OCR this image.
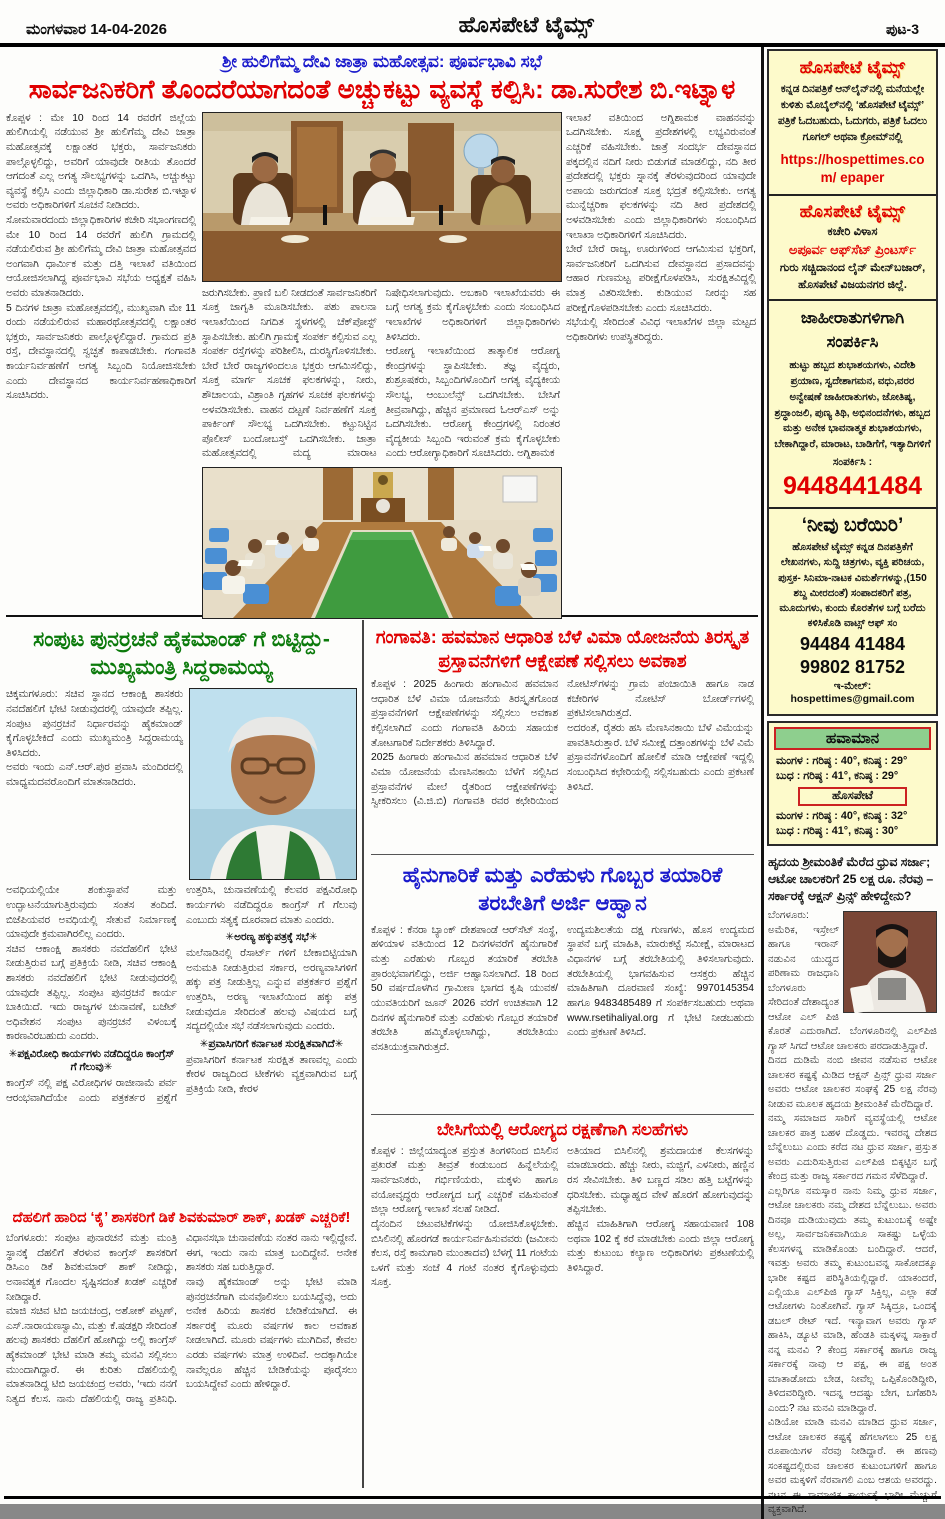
ಮಂಗಳವಾರ 14-04-2026	ಹೊಸಪೇಟೆ ಟೈಮ್ಸ್	ಪುಟ-3
ಶ್ರೀ ಹುಲಿಗೆಮ್ಮ ದೇವಿ ಜಾತ್ರಾ ಮಹೋತ್ಸವ: ಪೂರ್ವಭಾವಿ ಸಭೆ
ಸಾರ್ವಜನಿಕರಿಗೆ ತೊಂದರೆಯಾಗದಂತೆ ಅಚ್ಚುಕಟ್ಟು ವ್ಯವಸ್ಥೆ ಕಲ್ಪಿಸಿ: ಡಾ.ಸುರೇಶ ಬಿ.ಇಟ್ನಾಳ

ಕೊಪ್ಪಳ : ಮೇ 10 ರಿಂದ 14 ರವರೆಗೆ ಜಿಲ್ಲೆಯ ಹುಲಿಗಿಯಲ್ಲಿ ನಡೆಯುವ ಶ್ರೀ ಹುಲಿಗೆಮ್ಮ ದೇವಿ ಜಾತ್ರಾ ಮಹೋತ್ಸವಕ್ಕೆ ಲಕ್ಷಾಂತರ ಭಕ್ತರು, ಸಾರ್ವಜನಿಕರು ಪಾಲ್ಗೊಳ್ಳಲಿದ್ದು, ಅವರಿಗೆ ಯಾವುದೇ ರೀತಿಯ ತೊಂದರೆ ಆಗದಂತೆ ಎಲ್ಲ ಅಗತ್ಯ ಸೌಲಭ್ಯಗಳನ್ನು ಒದಗಿಸಿ, ಅಚ್ಚುಕಟ್ಟು ವ್ಯವಸ್ಥೆ ಕಲ್ಪಿಸಿ ಎಂದು ಜಿಲ್ಲಾಧಿಕಾರಿ ಡಾ.ಸುರೇಶ ಬಿ.ಇಟ್ನಾಳ ಅವರು ಅಧಿಕಾರಿಗಳಿಗೆ ಸೂಚನೆ ನೀಡಿದರು.
ಸೋಮವಾರದಂದು ಜಿಲ್ಲಾಧಿಕಾರಿಗಳ ಕಚೇರಿ ಸಭಾಂಗಣದಲ್ಲಿ ಮೇ 10 ರಿಂದ 14 ರವರೆಗೆ ಹುಲಿಗಿ ಗ್ರಾಮದಲ್ಲಿ ನಡೆಯಲಿರುವ ಶ್ರೀ ಹುಲಿಗೆಮ್ಮ ದೇವಿ ಜಾತ್ರಾ ಮಹೋತ್ಸವದ ಅಂಗವಾಗಿ ಧಾರ್ಮಿಕ ಮತ್ತು ದತ್ತಿ ಇಲಾಖೆ ವತಿಯಿಂದ ಆಯೋಜಿಸಲಾಗಿದ್ದ ಪೂರ್ವಭಾವಿ ಸಭೆಯ ಅಧ್ಯಕ್ಷತೆ ವಹಿಸಿ ಅವರು ಮಾತನಾಡಿದರು.
5 ದಿನಗಳ ಜಾತ್ರಾ ಮಹೋತ್ಸವದಲ್ಲಿ, ಮುಖ್ಯವಾಗಿ ಮೇ 11 ರಂದು ನಡೆಯಲಿರುವ ಮಹಾರಥೋತ್ಸವದಲ್ಲಿ ಲಕ್ಷಾಂತರ ಭಕ್ತರು, ಸಾರ್ವಜನಿಕರು ಪಾಲ್ಗೊಳ್ಳಲಿದ್ದಾರೆ. ಗ್ರಾಮದ ಪ್ರತಿ ರಸ್ತೆ, ದೇವಸ್ಥಾನದಲ್ಲಿ ಸ್ವಚ್ಛತೆ ಕಾಪಾಡಬೇಕು. ಗಂಗಾವತಿ ಕಾರ್ಯನಿರ್ವಹಣೆಗೆ ಅಗತ್ಯ ಸಿಬ್ಬಂದಿ ನಿಯೋಜಿಸಬೇಕು ಎಂದು ದೇವಸ್ಥಾನದ ಕಾರ್ಯನಿರ್ವಹಣಾಧಿಕಾರಿಗೆ ಸೂಚಿಸಿದರು.

ಜರುಗಿಸಬೇಕು. ಪ್ರಾಣಿ ಬಲಿ ನೀಡದಂತೆ ಸಾರ್ವಜನಿಕರಿಗೆ ಸೂಕ್ತ ಜಾಗೃತಿ ಮೂಡಿಸಬೇಕು. ಪಶು ಪಾಲನಾ ಇಲಾಖೆಯಿಂದ ನಿಗದಿತ ಸ್ಥಳಗಳಲ್ಲಿ ಚೆಕ್‌ಪೋಸ್ಟ್ ಸ್ಥಾಪಿಸಬೇಕು. ಹುಲಿಗಿ ಗ್ರಾಮಕ್ಕೆ ಸಂಪರ್ಕ ಕಲ್ಪಿಸುವ ಎಲ್ಲ ಸಂಪರ್ಕ ರಸ್ತೆಗಳನ್ನು ಪರಿಶೀಲಿಸಿ, ದುರಸ್ಥಿಗೊಳಿಸಬೇಕು. ಬೇರೆ ಬೇರೆ ರಾಜ್ಯಗಳಿಂದಲೂ ಭಕ್ತರು ಆಗಮಿಸಲಿದ್ದು, ಸೂಕ್ತ ಮಾರ್ಗ ಸೂಚಕ ಫಲಕಗಳನ್ನು, ನೀರು, ಶೌಚಾಲಯ, ವಿಶ್ರಾಂತಿ ಗೃಹಗಳ ಸೂಚಕ ಫಲಕಗಳನ್ನು ಅಳವಡಿಸಬೇಕು. ವಾಹನ ದಟ್ಟಣೆ ನಿರ್ವಹಣೆಗೆ ಸೂಕ್ತ ಪಾರ್ಕಿಂಗ್ ಸೌಲಭ್ಯ ಒದಗಿಸಬೇಕು. ಕಟ್ಟುನಿಟ್ಟಿನ ಪೊಲೀಸ್ ಬಂದೋಬಸ್ತ್ ಒದಗಿಸಬೇಕು. ಜಾತ್ರಾ ಮಹೋತ್ಸವದಲ್ಲಿ ಮದ್ಯ ಮಾರಾಟ ನಿಷೇಧಿಸಲಾಗುವುದು. ಅಬಕಾರಿ ಇಲಾಖೆಯವರು ಈ ಬಗ್ಗೆ ಅಗತ್ಯ ಕ್ರಮ ಕೈಗೊಳ್ಳಬೇಕು ಎಂದು ಸಂಬಂಧಿಸಿದ ಇಲಾಖೆಗಳ ಅಧಿಕಾರಿಗಳಿಗೆ ಜಿಲ್ಲಾಧಿಕಾರಿಗಳು ತಿಳಿಸಿದರು.
ಆರೋಗ್ಯ ಇಲಾಖೆಯಿಂದ ತಾತ್ಕಾಲಿಕ ಆರೋಗ್ಯ ಕೇಂದ್ರಗಳನ್ನು ಸ್ಥಾಪಿಸಬೇಕು. ತಜ್ಞ ವೈದ್ಯರು, ಶುಶ್ರೂಷಕರು, ಸಿಬ್ಬಂದಿಗಳೊಂದಿಗೆ ಅಗತ್ಯ ವೈದ್ಯಕೀಯ ಸೌಲಭ್ಯ, ಆಂಬುಲೆನ್ಸ್ ಒದಗಿಸಬೇಕು. ಬೇಸಿಗೆ ತೀವ್ರವಾಗಿದ್ದು, ಹೆಚ್ಚಿನ ಪ್ರಮಾಣದ ಓಆರ್‌ಎಸ್ ಅನ್ನು ಒದಗಿಸಬೇಕು. ಆರೋಗ್ಯ ಕೇಂದ್ರಗಳಲ್ಲಿ ನಿರಂತರ ವೈದ್ಯಕೀಯ ಸಿಬ್ಬಂದಿ ಇರುವಂತೆ ಕ್ರಮ ಕೈಗೊಳ್ಳಬೇಕು ಎಂದು ಆರೋಗ್ಯಾಧಿಕಾರಿಗೆ ಸೂಚಿಸಿದರು. ಅಗ್ನಿಶಾಮಕ

ಇಲಾಖೆ ವತಿಯಿಂದ ಅಗ್ನಿಶಾಮಕ ವಾಹನವನ್ನು ಒದಗಿಸಬೇಕು. ಸೂಕ್ಷ್ಮ ಪ್ರದೇಶಗಳಲ್ಲಿ ಲಭ್ಯವಿರುವಂತೆ ಎಚ್ಚರಿಕೆ ವಹಿಸಬೇಕು. ಜಾತ್ರೆ ಸಂದರ್ಭ ದೇವಸ್ಥಾನದ ಪಕ್ಕದಲ್ಲಿನ ನದಿಗೆ ನೀರು ಬಿಡುಗಡೆ ಮಾಡಲಿದ್ದು, ನದಿ ತೀರ ಪ್ರದೇಶದಲ್ಲಿ ಭಕ್ತರು ಸ್ನಾನಕ್ಕೆ ತೆರಳುವುದರಿಂದ ಯಾವುದೇ ಅಪಾಯ ಜರುಗದಂತೆ ಸೂಕ್ತ ಭದ್ರತೆ ಕಲ್ಪಿಸಬೇಕು. ಅಗತ್ಯ ಮುನ್ನೆಚ್ಚರಿಕಾ ಫಲಕಗಳನ್ನು ನದಿ ತೀರ ಪ್ರದೇಶದಲ್ಲಿ ಅಳವಡಿಸಬೇಕು ಎಂದು ಜಿಲ್ಲಾಧಿಕಾರಿಗಳು ಸಂಬಂಧಿಸಿದ ಇಲಾಖಾ ಅಧಿಕಾರಿಗಳಿಗೆ ಸೂಚಿಸಿದರು.
ಬೇರೆ ಬೇರೆ ರಾಜ್ಯ, ಊರುಗಳಿಂದ ಆಗಮಿಸುವ ಭಕ್ತರಿಗೆ, ಸಾರ್ವಜನಿಕರಿಗೆ ಒದಗಿಸುವ ದೇವಸ್ಥಾನದ ಪ್ರಸಾದವನ್ನು ಆಹಾರ ಗುಣಮಟ್ಟ ಪರೀಕ್ಷೆಗೊಳಪಡಿಸಿ, ಸುರಕ್ಷಿತವಿದ್ದಲ್ಲಿ ಮಾತ್ರ ವಿತರಿಸಬೇಕು. ಕುಡಿಯುವ ನೀರನ್ನು ಸಹ ಪರೀಕ್ಷೆಗೊಳಪಡಿಸಬೇಕು ಎಂದು ಸೂಚಿಸಿದರು.
ಸಭೆಯಲ್ಲಿ ಸೇರಿದಂತೆ ವಿವಿಧ ಇಲಾಖೆಗಳ ಜಿಲ್ಲಾ ಮಟ್ಟದ ಅಧಿಕಾರಿಗಳು ಉಪಸ್ಥಿತರಿದ್ದರು.

ಸಂಪುಟ ಪುನರ್ರಚನೆ ಹೈಕಮಾಂಡ್ ಗೆ ಬಿಟ್ಟಿದ್ದು-ಮುಖ್ಯಮಂತ್ರಿ ಸಿದ್ದರಾಮಯ್ಯ

ಚಿಕ್ಕಮಗಳೂರು: ಸಚಿವ ಸ್ಥಾನದ ಆಕಾಂಕ್ಷಿ ಶಾಸಕರು ನವದೆಹಲಿಗೆ ಭೇಟಿ ನೀಡುವುದರಲ್ಲಿ ಯಾವುದೇ ತಪ್ಪಿಲ್ಲ. ಸಂಪುಟ ಪುನರ್ರಚನೆ ನಿರ್ಧಾರವನ್ನು ಹೈಕಮಾಂಡ್ ಕೈಗೊಳ್ಳಬೇಕಿದೆ ಎಂದು ಮುಖ್ಯಮಂತ್ರಿ ಸಿದ್ದರಾಮಯ್ಯ ತಿಳಿಸಿದರು.
ಅವರು ಇಂದು ಎನ್.ಆರ್.ಪುರ ಪ್ರವಾಸಿ ಮಂದಿರದಲ್ಲಿ ಮಾಧ್ಯಮದವರೊಂದಿಗೆ ಮಾತನಾಡಿದರು.

ಅವಧಿಯಲ್ಲಿಯೇ ಶಂಕುಸ್ಥಾಪನೆ ಮತ್ತು ಉದ್ಘಾಟನೆಯಾಗುತ್ತಿರುವುದು ಸಂತಸ ತಂದಿದೆ. ಬಿಜೆಪಿಯವರ ಅವಧಿಯಲ್ಲಿ ಸೇತುವೆ ನಿರ್ಮಾಣಕ್ಕೆ ಯಾವುದೇ ಕ್ರಮವಾಗಿರಲಿಲ್ಲ ಎಂದರು.
ಸಚಿವ ಆಕಾಂಕ್ಷಿ ಶಾಸಕರು ನವದೆಹಲಿಗೆ ಭೇಟಿ ನೀಡುತ್ತಿರುವ ಬಗ್ಗೆ ಪ್ರತಿಕ್ರಿಯೆ ನೀಡಿ, ಸಚಿವ ಆಕಾಂಕ್ಷಿ ಶಾಸಕರು ನವದೆಹಲಿಗೆ ಭೇಟಿ ನೀಡುವುದರಲ್ಲಿ ಯಾವುದೇ ತಪ್ಪಿಲ್ಲ. ಸಂಪುಟ ಪುನರ್ರಚನೆ ಕಾರ್ಯ ಬಾಕಿಯಿದೆ. ಇದು ರಾಜ್ಯಗಳ ಚುನಾವಣೆ, ಬಜೆಟ್ ಅಧಿವೇಶನ ಸಂಪುಟ ಪುನರ್ರಚನೆ ವಿಳಂಬಕ್ಕೆ ಕಾರಣವಿರಬಹುದು ಎಂದರು.

✳ಪಕ್ಷವಿರೋಧಿ ಕಾರ್ಯಗಳು ನಡೆದಿದ್ದರೂ ಕಾಂಗ್ರೆಸ್ ಗೆ ಗೆಲುವು✳

ಕಾಂಗ್ರೆಸ್ ನಲ್ಲಿ ಪಕ್ಷ ವಿರೋಧಿಗಳ ರಾಜೀನಾಮೆ ಪರ್ವ ಆರಂಭವಾಗಿದೆಯೇ ಎಂದು ಪತ್ರಕರ್ತರ ಪ್ರಶ್ನೆಗೆ ಉತ್ತರಿಸಿ, ಚುನಾವಣೆಯಲ್ಲಿ ಕೆಲವರ ಪಕ್ಷವಿರೋಧಿ ಕಾರ್ಯಗಳು ನಡೆದಿದ್ದರೂ ಕಾಂಗ್ರೆಸ್ ಗೆ ಗೆಲುವು ಎಂಬುದು ಸತ್ಯಕ್ಕೆ ದೂರವಾದ ಮಾತು ಎಂದರು.

✳ಅರಣ್ಯ ಹಕ್ಕುಪತ್ರಕ್ಕೆ ಸಭೆ✳

ಮಲೆನಾಡಿನಲ್ಲಿ ರೆಸಾರ್ಟ್ ಗಳಿಗೆ ಬೇಕಾಬಿಟ್ಟಿಯಾಗಿ ಅನುಮತಿ ನೀಡುತ್ತಿರುವ ಸರ್ಕಾರ, ಅರಣ್ಯವಾಸಿಗಳಿಗೆ ಹಕ್ಕು ಪತ್ರ ನೀಡುತ್ತಿಲ್ಲ ಎನ್ನುವ ಪತ್ರಕರ್ತರ ಪ್ರಶ್ನೆಗೆ ಉತ್ತರಿಸಿ, ಅರಣ್ಯ ಇಲಾಖೆಯಿಂದ ಹಕ್ಕು ಪತ್ರ ನೀಡುವುದೂ ಸೇರಿದಂತೆ ಹಲವು ವಿಷಯದ ಬಗ್ಗೆ ಸದ್ಯದಲ್ಲಿಯೇ ಸಭೆ ನಡೆಸಲಾಗುವುದು ಎಂದರು.

✳ಪ್ರವಾಸಿಗರಿಗೆ ಕರ್ನಾಟಕ ಸುರಕ್ಷಿತವಾಗಿದೆ✳

ಪ್ರವಾಸಿಗರಿಗೆ ಕರ್ನಾಟಕ ಸುರಕ್ಷಿತ ತಾಣವಲ್ಲ ಎಂದು ಕೇರಳ ರಾಜ್ಯದಿಂದ ಟೀಕೆಗಳು ವ್ಯಕ್ತವಾಗಿರುವ ಬಗ್ಗೆ ಪ್ರತಿಕ್ರಿಯೆ ನೀಡಿ, ಕೇರಳ

ದೆಹಲಿಗೆ ಹಾರಿದ ‘ಕೈ’ ಶಾಸಕರಿಗೆ ಡಿಕೆ ಶಿವಕುಮಾರ್ ಶಾಕ್, ಖಡಕ್ ಎಚ್ಚರಿಕೆ!

ಬೆಂಗಳೂರು: ಸಂಪುಟ ಪುನಾರಚನೆ ಮತ್ತು ಮಂತ್ರಿ ಸ್ಥಾನಕ್ಕೆ ದೆಹಲಿಗೆ ತೆರಳುವ ಕಾಂಗ್ರೆಸ್ ಶಾಸಕರಿಗೆ ಡಿಸಿಎಂ ಡಿಕೆ ಶಿವಕುಮಾರ್ ಶಾಕ್ ನೀಡಿದ್ದು, ಅನಾವಶ್ಯಕ ಗೊಂದಲ ಸೃಷ್ಟಿಸದಂತೆ ಖಡಕ್ ಎಚ್ಚರಿಕೆ ನೀಡಿದ್ದಾರೆ.
ಮಾಜಿ ಸಚಿವ ಟಿಬಿ ಜಯಚಂದ್ರ, ಅಶೋಕ್ ಪಟ್ಟಣ್, ಎಸ್.ನಾರಾಯಣಸ್ವಾಮಿ, ಮತ್ತು ಕೆ.ಷಡಕ್ಷರಿ ಸೇರಿದಂತೆ ಹಲವು ಶಾಸಕರು ದೆಹಲಿಗೆ ಹೋಗಿದ್ದು ಅಲ್ಲಿ ಕಾಂಗ್ರೆಸ್ ಹೈಕಮಾಂಡ್ ಭೇಟಿ ಮಾಡಿ ತಮ್ಮ ಮನವಿ ಸಲ್ಲಿಸಲು ಮುಂದಾಗಿದ್ದಾರೆ. ಈ ಕುರಿತು ದೆಹಲಿಯಲ್ಲಿ ಮಾತನಾಡಿದ್ದ ಟಿಬಿ ಜಯಚಂದ್ರ ಅವರು, ‘ಇದು ನನಗೆ ನಿತ್ಯದ ಕೆಲಸ. ನಾನು ದೆಹಲಿಯಲ್ಲಿ ರಾಜ್ಯ ಪ್ರತಿನಿಧಿ. ವಿಧಾನಸಭಾ ಚುನಾವಣೆಯ ನಂತರ ನಾನು ಇಲ್ಲಿದ್ದೇನೆ. ಈಗ, ಇಂದು ನಾನು ಮಾತ್ರ ಬಂದಿದ್ದೇನೆ. ಅನೇಕ ಶಾಸಕರು ಸಹ ಬರುತ್ತಿದ್ದಾರೆ.
ನಾವು ಹೈಕಮಾಂಡ್ ಅನ್ನು ಭೇಟಿ ಮಾಡಿ ಪುನರ್ರಚನೆಗಾಗಿ ಮನವೊಲಿಸಲು ಬಯಸಿದ್ದೆವು, ಅದು ಅನೇಕ ಹಿರಿಯ ಶಾಸಕರ ಬೇಡಿಕೆಯಾಗಿದೆ. ಈ ಸರ್ಕಾರಕ್ಕೆ ಮೂರು ವರ್ಷಗಳ ಕಾಲ ಅವಕಾಶ ನೀಡಲಾಗಿದೆ. ಮೂರು ವರ್ಷಗಳು ಮುಗಿದಿವೆ, ಕೇವಲ ಎರಡು ವರ್ಷಗಳು ಮಾತ್ರ ಉಳಿದಿವೆ. ಅದಕ್ಕಾಗಿಯೇ ನಾವೆಲ್ಲರೂ ಹೆಚ್ಚಿನ ಬೇಡಿಕೆಯನ್ನು ಪೂರೈಸಲು ಬಯಸಿದ್ದೇವೆ ಎಂದು ಹೇಳಿದ್ದಾರೆ.

ಗಂಗಾವತಿ: ಹವಮಾನ ಆಧಾರಿತ ಬೆಳೆ ವಿಮಾ ಯೋಜನೆಯ ತಿರಸ್ಕೃತ ಪ್ರಸ್ತಾವನೆಗಳಿಗೆ ಆಕ್ಷೇಪಣೆ ಸಲ್ಲಿಸಲು ಅವಕಾಶ

ಕೊಪ್ಪಳ : 2025 ಹಿಂಗಾರು ಹಂಗಾಮಿನ ಹವಮಾನ ಆಧಾರಿತ ಬೆಳೆ ವಿಮಾ ಯೋಜನೆಯ ತಿರಸ್ಕೃತಗೊಂಡ ಪ್ರಸ್ತಾವನೆಗಳಿಗೆ ಆಕ್ಷೇಪಣೆಗಳನ್ನು ಸಲ್ಲಿಸಲು ಅವಕಾಶ ಕಲ್ಪಿಸಲಾಗಿದೆ ಎಂದು ಗಂಗಾವತಿ ಹಿರಿಯ ಸಹಾಯಕ ತೋಟಗಾರಿಕೆ ನಿರ್ದೇಶಕರು ತಿಳಿಸಿದ್ದಾರೆ.
2025 ಹಿಂಗಾರು ಹಂಗಾಮಿನ ಹವಮಾನ ಆಧಾರಿತ ಬೆಳೆ ವಿಮಾ ಯೋಜನೆಯ ಮೆಣಸಿನಕಾಯಿ ಬೆಳೆಗೆ ಸಲ್ಲಿಸಿದ ಪ್ರಸ್ತಾವನೆಗಳ ಮೇಲೆ ರೈತರಿಂದ ಆಕ್ಷೇಪಣೆಗಳನ್ನು ಸ್ವೀಕರಿಸಲು (ವಿ.ಜಿ.ಬಿ) ಗಂಗಾವತಿ ರವರ ಕಛೇರಿಯಿಂದ ನೋಟಿಸ್‌ಗಳನ್ನು ಗ್ರಾಮ ಪಂಚಾಯಿತಿ ಹಾಗೂ ನಾಡ ಕಚೇರಿಗಳ ನೋಟಿಸ್ ಬೋರ್ಡ್‌ಗಳಲ್ಲಿ ಪ್ರಕಟಿಸಲಾಗಿರುತ್ತದೆ.
ಅದರಂತೆ, ರೈತರು ಹಸಿ ಮೆಣಸಿನಕಾಯಿ ಬೆಳೆ ವಿಮೆಯನ್ನು ಪಾವತಿಸಿರುತ್ತಾರೆ. ಬೆಳೆ ಸಮೀಕ್ಷೆ ದತ್ತಾಂಶಗಳನ್ನು ಬೆಳೆ ವಿಮೆ ಪ್ರಸ್ತಾವನೆಗಳೊಂದಿಗೆ ಹೋಲಿಕೆ ಮಾಡಿ ಆಕ್ಷೇಪಣೆ ಇದ್ದಲ್ಲಿ ಸಂಬಂಧಿಸಿದ ಕಛೇರಿಯಲ್ಲಿ ಸಲ್ಲಿಸಬಹುದು ಎಂದು ಪ್ರಕಟಣೆ ತಿಳಿಸಿದೆ.

ಹೈನುಗಾರಿಕೆ ಮತ್ತು ಎರೆಹುಳು ಗೊಬ್ಬರ ತಯಾರಿಕೆ ತರಬೇತಿಗೆ ಅರ್ಜಿ ಆಹ್ವಾನ

ಕೊಪ್ಪಳ : ಕೆನರಾ ಬ್ಯಾಂಕ್ ದೇಶಪಾಂಡೆ ಆರ್‌ಸೆಟ್ ಸಂಸ್ಥೆ, ಹಳಿಯಾಳ ವತಿಯಿಂದ 12 ದಿನಗಳವರೆಗೆ ಹೈನುಗಾರಿಕೆ ಮತ್ತು ಎರೆಹುಳು ಗೊಬ್ಬರ ತಯಾರಿಕೆ ತರಬೇತಿ ಪ್ರಾರಂಭವಾಗಲಿದ್ದು, ಅರ್ಜಿ ಆಹ್ವಾನಿಸಲಾಗಿದೆ. 18 ರಿಂದ 50 ವರ್ಷದೊಳಗಿನ ಗ್ರಾಮೀಣ ಭಾಗದ ಕೃಷಿ ಯುವಕ/ಯುವತಿಯರಿಗೆ ಜೂನ್ 2026 ವರೆಗೆ ಉಚಿತವಾಗಿ 12 ದಿನಗಳ ಹೈನುಗಾರಿಕೆ ಮತ್ತು ಎರೆಹುಳು ಗೊಬ್ಬರ ತಯಾರಿಕೆ ತರಬೇತಿ ಹಮ್ಮಿಕೊಳ್ಳಲಾಗಿದ್ದು, ತರಬೇತಿಯು ವಸತಿಯುಕ್ತವಾಗಿರುತ್ತದೆ.
ಉದ್ಯಮಶಿಲತೆಯ ದಕ್ಷ ಗುಣಗಳು, ಹೊಸ ಉದ್ಯಮದ ಸ್ಥಾಪನೆ ಬಗ್ಗೆ ಮಾಹಿತಿ, ಮಾರುಕಟ್ಟೆ ಸಮೀಕ್ಷೆ, ಮಾರಾಟದ ವಿಧಾನಗಳ ಬಗ್ಗೆ ತರಬೇತಿಯಲ್ಲಿ ತಿಳಿಸಲಾಗುವುದು. ತರಬೇತಿಯಲ್ಲಿ ಭಾಗವಹಿಸುವ ಆಸಕ್ತರು ಹೆಚ್ಚಿನ ಮಾಹಿತಿಗಾಗಿ ದೂರವಾಣಿ ಸಂಖ್ಯೆ: 9970145354 ಹಾಗೂ 9483485489 ಗೆ ಸಂಪರ್ಕಿಸಬಹುದು ಅಥವಾ www.rsetihaliyal.org ಗೆ ಭೇಟಿ ನೀಡಬಹುದು ಎಂದು ಪ್ರಕಟಣೆ ತಿಳಿಸಿದೆ.

ಬೇಸಿಗೆಯಲ್ಲಿ ಆರೋಗ್ಯದ ರಕ್ಷಣೆಗಾಗಿ ಸಲಹೆಗಳು

ಕೊಪ್ಪಳ : ಜಿಲ್ಲೆಯಾದ್ಯಂತ ಪ್ರಸ್ತುತ ತಿಂಗಳಿನಿಂದ ಬಿಸಿಲಿನ ಪ್ರಖರತೆ ಮತ್ತು ತೀವ್ರತೆ ಕಂಡುಬಂದ ಹಿನ್ನೆಲೆಯಲ್ಲಿ ಸಾರ್ವಜನಿಕರು, ಗರ್ಭಿಣಿಯರು, ಮಕ್ಕಳು ಹಾಗೂ ವಯೋವೃದ್ಧರು ಆರೋಗ್ಯದ ಬಗ್ಗೆ ಎಚ್ಚರಿಕೆ ವಹಿಸುವಂತೆ ಜಿಲ್ಲಾ ಆರೋಗ್ಯ ಇಲಾಖೆ ಸಲಹೆ ನೀಡಿದೆ.
ದೈನಂದಿನ ಚಟುವಟಿಕೆಗಳನ್ನು ಯೋಜಿಸಿಕೊಳ್ಳಬೇಕು. ಬಿಸಿಲಿನಲ್ಲಿ ಹೊರಗಡೆ ಕಾರ್ಯನಿರ್ವಹಿಸುವವರು (ಜಮೀನು ಕೆಲಸ, ರಸ್ತೆ ಕಾಮಗಾರಿ ಮುಂತಾದವ) ಬೆಳಗ್ಗೆ 11 ಗಂಟೆಯ ಒಳಗೆ ಮತ್ತು ಸಂಜೆ 4 ಗಂಟೆ ನಂತರ ಕೈಗೊಳ್ಳುವುದು ಸೂಕ್ತ.
ಅತಿಯಾದ ಬಿಸಿಲಿನಲ್ಲಿ ಶ್ರಮದಾಯಕ ಕೆಲಸಗಳನ್ನು ಮಾಡಬಾರದು. ಹೆಚ್ಚು ನೀರು, ಮಜ್ಜಿಗೆ, ಎಳನೀರು, ಹಣ್ಣಿನ ರಸ ಸೇವಿಸಬೇಕು. ತಿಳಿ ಬಣ್ಣದ ಸಡಿಲ ಹತ್ತಿ ಬಟ್ಟೆಗಳನ್ನು ಧರಿಸಬೇಕು. ಮಧ್ಯಾಹ್ನದ ವೇಳೆ ಹೊರಗೆ ಹೋಗುವುದನ್ನು ತಪ್ಪಿಸಬೇಕು.
ಹೆಚ್ಚಿನ ಮಾಹಿತಿಗಾಗಿ ಆರೋಗ್ಯ ಸಹಾಯವಾಣಿ 108 ಅಥವಾ 102 ಕ್ಕೆ ಕರೆ ಮಾಡಬೇಕು ಎಂದು ಜಿಲ್ಲಾ ಆರೋಗ್ಯ ಮತ್ತು ಕುಟುಂಬ ಕಲ್ಯಾಣ ಅಧಿಕಾರಿಗಳು ಪ್ರಕಟಣೆಯಲ್ಲಿ ತಿಳಿಸಿದ್ದಾರೆ.

ಹೊಸಪೇಟೆ ಟೈಮ್ಸ್
ಕನ್ನಡ ದಿನಪತ್ರಿಕೆ ಆನ್‌ಲೈನ್‌ನಲ್ಲಿ ಮನೆಯಲ್ಲೇ ಕುಳಿತು ಮೊಬೈಲ್‌ನಲ್ಲಿ ‘ಹೊಸಪೇಟೆ ಟೈಮ್ಸ್’ ಪತ್ರಿಕೆ ಓದಬಹುದು, ಓದುಗರು, ಪತ್ರಿಕೆ ಓದಲು ಗೂಗಲ್ ಅಥವಾ ಕ್ರೋಮ್‌ನಲ್ಲಿ
https://hospettimes.com/ epaper
ಹೊಸಪೇಟೆ ಟೈಮ್ಸ್
ಕಚೇರಿ ವಿಳಾಸ
ಅಪೂರ್ವ ಆಫ್‌ಸೆಟ್ ಪ್ರಿಂಟರ್ಸ್
ಗುರು ಸಚ್ಚಿದಾನಂದ ಲೈನ್ ಮೇನ್‌ಬಜಾರ್, ಹೊಸಪೇಟೆ ವಿಜಯನಗರ ಜಿಲ್ಲೆ.
ಜಾಹೀರಾತುಗಳಿಗಾಗಿ ಸಂಪರ್ಕಿಸಿ
ಹುಟ್ಟು ಹಬ್ಬದ ಶುಭಾಶಯಗಳು, ವಿದೇಶಿ ಪ್ರಯಾಣ, ಸ್ವದೇಶಾಗಮನ, ವಧು,ವರರ ಅನ್ವೇಷಣೆ ಜಾಹೀರಾತುಗಳು, ಜೋತಿಷ್ಯ, ಶ್ರದ್ಧಾಂಜಲಿ, ಪುಣ್ಯ ತಿಥಿ, ಅಭಿನಂದನೆಗಳು, ಹಬ್ಬದ ಮತ್ತು ಅನೇಕ ಭಾವನಾತ್ಮಕ ಶುಭಾಶಯಗಳು, ಬೇಕಾಗಿದ್ದಾರೆ, ಮಾರಾಟ, ಬಾಡಿಗೆಗೆ, ಇತ್ಯಾದಿಗಳಿಗೆ
ಸಂಪರ್ಕಿಸಿ :
9448441484
‘ನೀವು ಬರೆಯಿರಿ’
ಹೊಸಪೇಟೆ ಟೈಮ್ಸ್ ಕನ್ನಡ ದಿನಪತ್ರಿಕೆಗೆ ಲೇಖನಗಳು, ಸುದ್ದಿ ಚಿತ್ರಗಳು, ವ್ಯಕ್ತಿ ಪರಿಚಯ, ಪುಸ್ತಕ- ಸಿನಿಮಾ-ನಾಟಕ ವಿಮರ್ಶೆಗಳನ್ನು,(150 ಶಬ್ದ ಮೀರದಂತೆ) ಸಂಪಾದಕರಿಗೆ ಪತ್ರ, ಮೂದುಗಳು, ಕುಂದು ಕೊರತೆಗಳ ಬಗ್ಗೆ ಬರೆದು ಕಳಿಸಿಕೊಡಿ ವಾಟ್ಸ್ ಆಫ್ ಸಂ
94484 41484
99802 81752
ಇ-ಮೇಲ್: hospettimes@gmail.com
ಹವಾಮಾನ
ಮಂಗಳ : ಗರಿಷ್ಠ : 40°, ಕನಿಷ್ಠ : 29°
ಬುಧ : ಗರಿಷ್ಠ : 41°, ಕನಿಷ್ಠ : 29°
ಹೊಸಪೇಟೆ
ಮಂಗಳ : ಗರಿಷ್ಠ : 40°, ಕನಿಷ್ಠ : 32°
ಬುಧ : ಗರಿಷ್ಠ : 41°, ಕನಿಷ್ಠ : 30°
ಹೃದಯ ಶ್ರೀಮಂತಿಕೆ ಮೆರೆದ ಧ್ರುವ ಸರ್ಜಾ; ಆಟೋ ಚಾಲಕರಿಗೆ 25 ಲಕ್ಷ ರೂ. ನೆರವು – ಸರ್ಕಾರಕ್ಕೆ ಆಕ್ಷನ್ ಪ್ರಿನ್ಸ್ ಹೇಳಿದ್ದೇನು?

ಬೆಂಗಳೂರು: ಅಮೆರಿಕ, ಇಸ್ರೇಲ್ ಹಾಗೂ ಇರಾನ್ ನಡುವಿನ ಯುದ್ಧದ ಪರಿಣಾಮ ರಾಜಧಾನಿ ಬೆಂಗಳೂರು ಸೇರಿದಂತೆ ದೇಶಾದ್ಯಂತ ಆಟೋ ಎಲ್ ಪಿಜಿ ಕೊರತೆ ಎದುರಾಗಿದೆ. ಬೆಂಗಳೂರಿನಲ್ಲಿ ಎಲ್‌ಪಿಜಿ ಗ್ಯಾಸ್ ಸಿಗದೆ ಆಟೋ ಚಾಲಕರು ಪರದಾಡುತ್ತಿದ್ದಾರೆ.
ದಿನದ ದುಡಿಮೆ ನಂಬಿ ಜೀವನ ನಡೆಸುವ ಆಟೋ ಚಾಲಕರ ಕಷ್ಟಕ್ಕೆ ಮಿಡಿದ ಆಕ್ಷನ್ ಪ್ರಿನ್ಸ್ ಧ್ರುವ ಸರ್ಜಾ ಅವರು ಆಟೋ ಚಾಲಕರ ಸಂಘಕ್ಕೆ 25 ಲಕ್ಷ ನೆರವು ನೀಡುವ ಮೂಲಕ ಹೃದಯ ಶ್ರೀಮಂತಿಕೆ ಮೆರೆದಿದ್ದಾರೆ.
ನಮ್ಮ ಸಮಾಜದ ಸಾರಿಗೆ ವ್ಯವಸ್ಥೆಯಲ್ಲಿ ಆಟೋ ಚಾಲಕರ ಪಾತ್ರ ಬಹಳ ದೊಡ್ಡದು. ಇವರನ್ನ ದೇಶದ ಬೆನ್ನೆಲುಬು ಎಂದು ಕರೆದ ನಟ ಧ್ರುವ ಸರ್ಜಾ, ಪ್ರಸ್ತುತ ಅವರು ಎದುರಿಸುತ್ತಿರುವ ಎಲ್‌ಪಿಜಿ ಬಿಕ್ಕಟ್ಟಿನ ಬಗ್ಗೆ ಕೇಂದ್ರ ಮತ್ತು ರಾಜ್ಯ ಸರ್ಕಾರದ ಗಮನ ಸೆಳೆದಿದ್ದಾರೆ.
ಎಲ್ಲರಿಗೂ ನಮಸ್ಕಾರ ನಾನು ನಿಮ್ಮ ಧ್ರುವ ಸರ್ಜಾ, ಆಟೋ ಚಾಲಕರು ನಮ್ಮ ದೇಶದ ಬೆನ್ನೆಲುಬು. ಅವರು ದಿನವೂ ದುಡಿಯುವುದು ತಮ್ಮ ಕುಟುಂಬಕ್ಕೆ ಅಷ್ಟೇ ಅಲ್ಲ, ಸಾರ್ವಜನಿಕವಾಗಿಯೂ ಸಾಕಷ್ಟು ಒಳ್ಳೆಯ ಕೆಲಸಗಳನ್ನ ಮಾಡಿಕೊಂಡು ಬಂದಿದ್ದಾರೆ. ಆದರೆ, ಇವತ್ತು ಅವರು ತಮ್ಮ ಕುಟುಂಬವನ್ನ ಸಾಕೋದಕ್ಕೂ ಭಾರೀ ಕಷ್ಟದ ಪರಿಸ್ಥಿತಿಯಲ್ಲಿದ್ದಾರೆ. ಯಾಕಂದರೆ, ಎಲ್ಲಿಯೂ ಎಲ್‌ಪಿಜಿ ಗ್ಯಾಸ್ ಸಿಕ್ತಿಲ್ಲ, ಎಲ್ಲಾ ಕಡೆ ಆಟೋಗಳು ನಿಂತೋಗಿವೆ. ಗ್ಯಾಸ್ ಸಿಕ್ಕಿದ್ರೂ, ಒಂದಕ್ಕೆ ಡಬಲ್ ರೇಟ್ ಇದೆ. ಇನ್ಯಾವಾಗ ಅವರು ಗ್ಯಾಸ್ ಹಾಕಿಸಿ, ಡ್ಯೂಟಿ ಮಾಡಿ, ಹೆಂಡತಿ ಮಕ್ಕಳನ್ನ ಸಾಕ್ತಾರೆ ನನ್ನ ಮನವಿ ? ಕೇಂದ್ರ ಸರ್ಕಾರಕ್ಕೆ ಹಾಗೂ ರಾಜ್ಯ ಸರ್ಕಾರಕ್ಕೆ ನಾವು ಆ ಪಕ್ಷ, ಈ ಪಕ್ಷ ಅಂತ ಮಾತಾಡೋದು ಬೇಡ, ನೀವೆಲ್ಲ ಒಪ್ಪಿಕೊಂಡಿದ್ದೀರಿ, ತಿಳಿದವರಿದ್ದೀರಿ. ಇದನ್ನ ಆದಷ್ಟು ಬೇಗ, ಬಗೆಹರಿಸಿ ಎಂದು? ನಟ ಮನವಿ ಮಾಡಿದ್ದಾರೆ.
ವಿಡಿಯೋ ಮಾಡಿ ಮನವಿ ಮಾಡಿದ ಧ್ರುವ ಸರ್ಜಾ, ಆಟೋ ಚಾಲಕರ ಕಷ್ಟಕ್ಕೆ ಹೆಗಲಾಗಲು 25 ಲಕ್ಷ ರೂಪಾಯಿಗಳ ನೆರವು ನೀಡಿದ್ದಾರೆ. ಈ ಹಣವು ಸಂಕಷ್ಟದಲ್ಲಿರುವ ಚಾಲಕರ ಕುಟುಂಬಗಳಿಗೆ ಹಾಗೂ ಅವರ ಮಕ್ಕಳಿಗೆ ನೆರವಾಗಲಿ ಎಂಬ ಆಶಯ ಅವರದ್ದು. ನಟನ ಈ ಸಾಮಾಜಿಕ ಕಾರ್ಯಕ್ಕೆ ಭಾರೀ ಮೆಚ್ಚುಗೆ ವ್ಯಕ್ತವಾಗಿದೆ.
